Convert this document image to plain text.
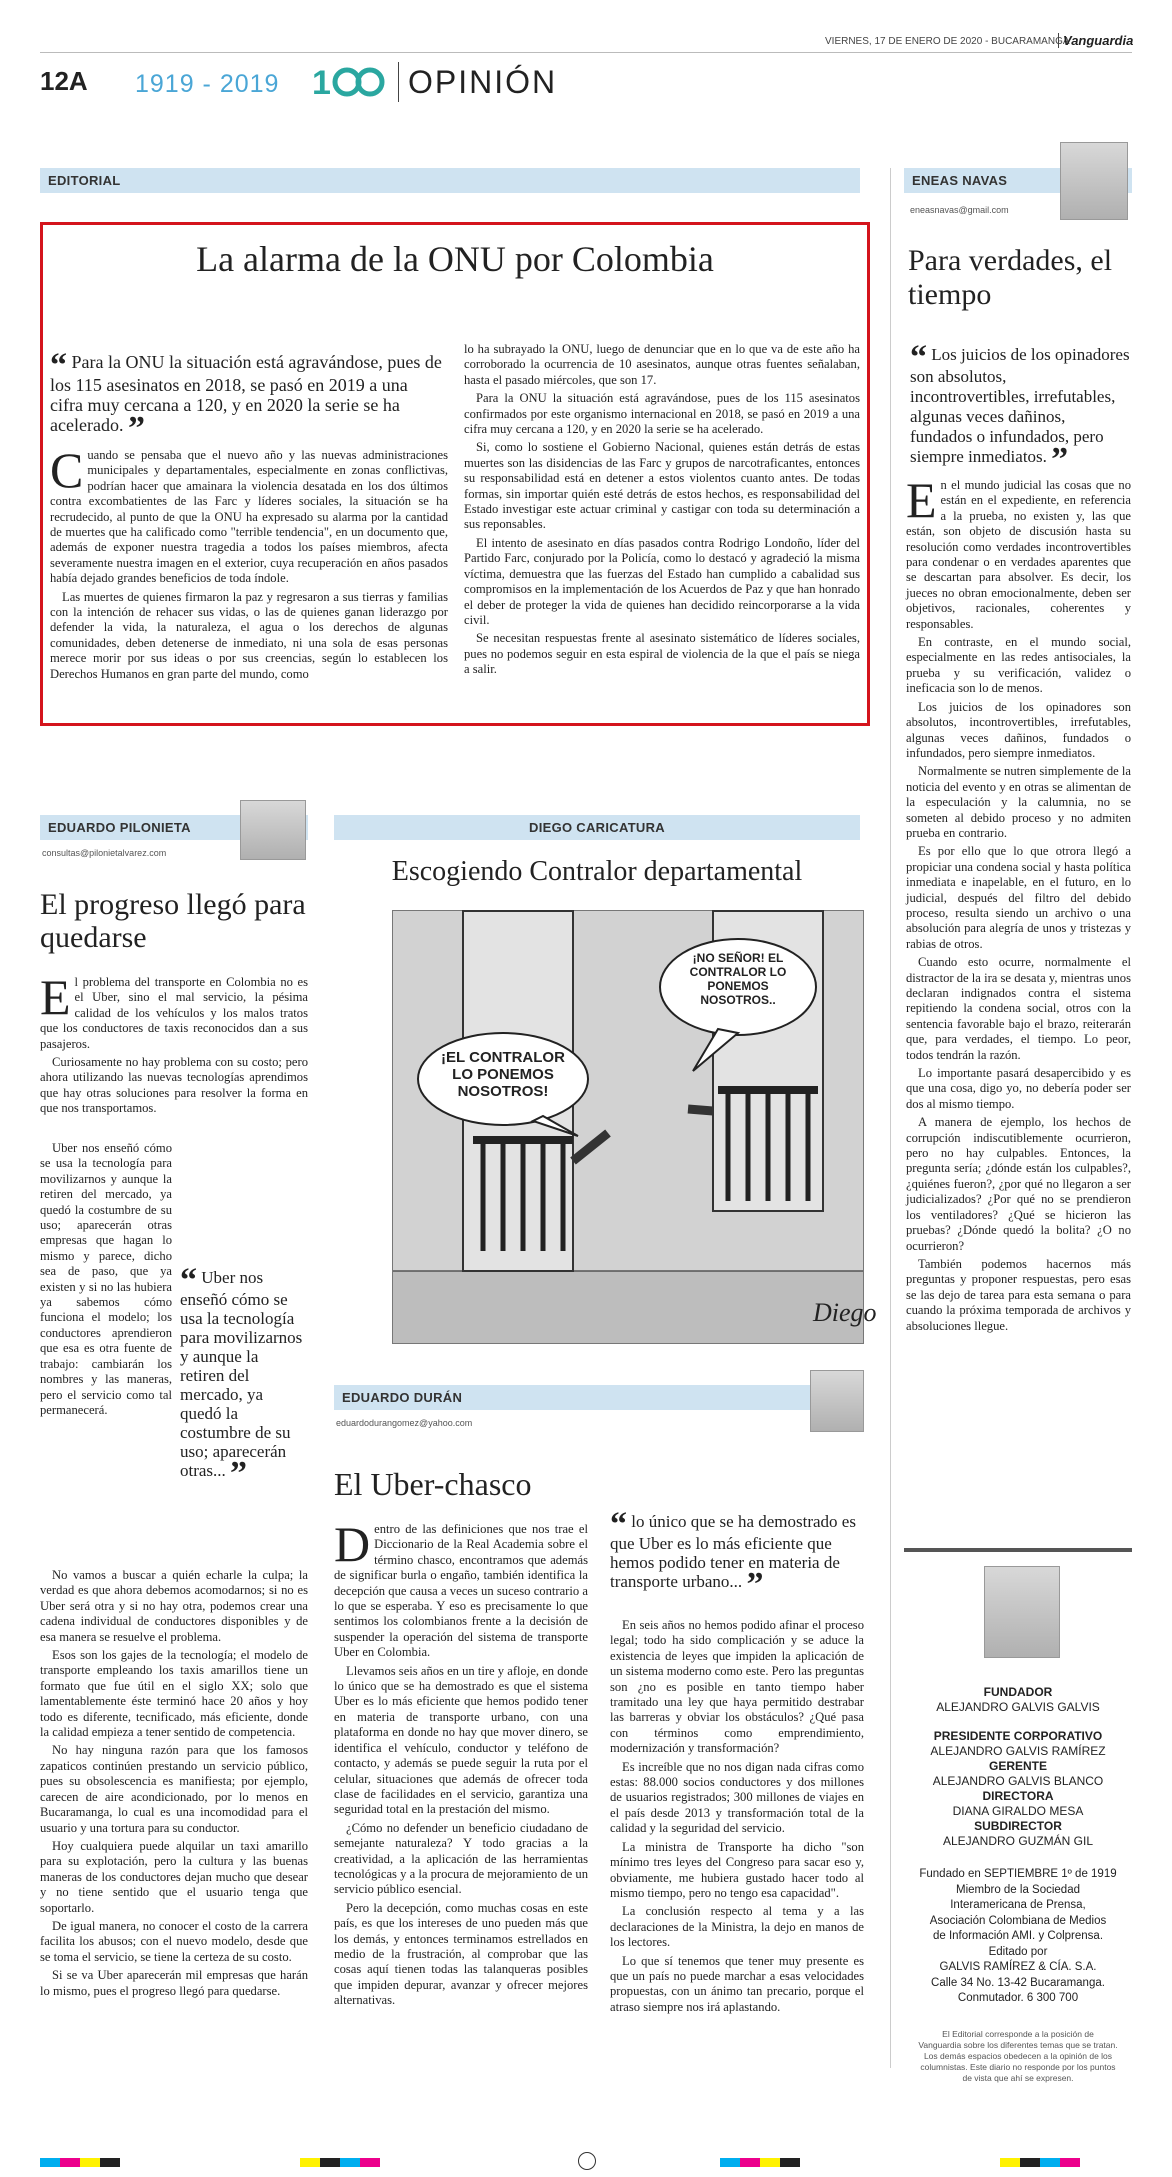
VIERNES, 17 DE ENERO DE 2020 - BUCARAMANGA
Vanguardia
12A 1919 - 2019 1 OPINIÓN
EDITORIAL
La alarma de la ONU por Colombia
“ Para la ONU la situación está agravándose, pues de los 115 asesinatos en 2018, se pasó en 2019 a una cifra muy cercana a 120, y en 2020 la serie se ha acelerado. ”

Cuando se pensaba que el nuevo año y las nuevas administraciones municipales y departamentales, especialmente en zonas conflictivas, podrían hacer que amainara la violencia desatada en los dos últimos contra excombatientes de las Farc y líderes sociales, la situación se ha recrudecido, al punto de que la ONU ha expresado su alarma por la cantidad de muertes que ha calificado como "terrible tendencia", en un documento que, además de exponer nuestra tragedia a todos los países miembros, afecta severamente nuestra imagen en el exterior, cuya recuperación en años pasados había dejado grandes beneficios de toda índole.

Las muertes de quienes firmaron la paz y regresaron a sus tierras y familias con la intención de rehacer sus vidas, o las de quienes ganan liderazgo por defender la vida, la naturaleza, el agua o los derechos de algunas comunidades, deben detenerse de inmediato, ni una sola de esas personas merece morir por sus ideas o por sus creencias, según lo establecen los Derechos Humanos en gran parte del mundo, como

lo ha subrayado la ONU, luego de denunciar que en lo que va de este año ha corroborado la ocurrencia de 10 asesinatos, aunque otras fuentes señalaban, hasta el pasado miércoles, que son 17.

Para la ONU la situación está agravándose, pues de los 115 asesinatos confirmados por este organismo internacional en 2018, se pasó en 2019 a una cifra muy cercana a 120, y en 2020 la serie se ha acelerado.

Si, como lo sostiene el Gobierno Nacional, quienes están detrás de estas muertes son las disidencias de las Farc y grupos de narcotraficantes, entonces su responsabilidad está en detener a estos violentos cuanto antes. De todas formas, sin importar quién esté detrás de estos hechos, es responsabilidad del Estado investigar este actuar criminal y castigar con toda su determinación a sus reponsables.

El intento de asesinato en días pasados contra Rodrigo Londoño, líder del Partido Farc, conjurado por la Policía, como lo destacó y agradeció la misma víctima, demuestra que las fuerzas del Estado han cumplido a cabalidad sus compromisos en la implementación de los Acuerdos de Paz y que han honrado el deber de proteger la vida de quienes han decidido reincorporarse a la vida civil.

Se necesitan respuestas frente al asesinato sistemático de líderes sociales, pues no podemos seguir en esta espiral de violencia de la que el país se niega a salir.

ENEAS NAVAS
eneasnavas@gmail.com
Para verdades, el tiempo
“ Los juicios de los opinadores son absolutos, incontrovertibles, irrefutables, algunas veces dañinos, fundados o infundados, pero siempre inmediatos. ”

En el mundo judicial las cosas que no están en el expediente, en referencia a la prueba, no existen y, las que están, son objeto de discusión hasta su resolución como verdades incontrovertibles para condenar o en verdades aparentes que se descartan para absolver. Es decir, los jueces no obran emocionalmente, deben ser objetivos, racionales, coherentes y responsables.

En contraste, en el mundo social, especialmente en las redes antisociales, la prueba y su verificación, validez o ineficacia son lo de menos.

Los juicios de los opinadores son absolutos, incontrovertibles, irrefutables, algunas veces dañinos, fundados o infundados, pero siempre inmediatos.

Normalmente se nutren simplemente de la noticia del evento y en otras se alimentan de la especulación y la calumnia, no se someten al debido proceso y no admiten prueba en contrario.

Es por ello que lo que otrora llegó a propiciar una condena social y hasta política inmediata e inapelable, en el futuro, en lo judicial, después del filtro del debido proceso, resulta siendo un archivo o una absolución para alegría de unos y tristezas y rabias de otros.

Cuando esto ocurre, normalmente el distractor de la ira se desata y, mientras unos declaran indignados contra el sistema repitiendo la condena social, otros con la sentencia favorable bajo el brazo, reiterarán que, para verdades, el tiempo. Lo peor, todos tendrán la razón.

Lo importante pasará desapercibido y es que una cosa, digo yo, no debería poder ser dos al mismo tiempo.

A manera de ejemplo, los hechos de corrupción indiscutiblemente ocurrieron, pero no hay culpables. Entonces, la pregunta sería; ¿dónde están los culpables?, ¿quiénes fueron?, ¿por qué no llegaron a ser judicializados? ¿Por qué no se prendieron los ventiladores? ¿Qué se hicieron las pruebas? ¿Dónde quedó la bolita? ¿O no ocurrieron?

También podemos hacernos más preguntas y proponer respuestas, pero esas se las dejo de tarea para esta semana o para cuando la próxima temporada de archivos y absoluciones llegue.

EDUARDO PILONIETA
consultas@pilonietalvarez.com
El progreso llegó para quedarse

El problema del transporte en Colombia no es el Uber, sino el mal servicio, la pésima calidad de los vehículos y los malos tratos que los conductores de taxis reconocidos dan a sus pasajeros.

Curiosamente no hay problema con su costo; pero ahora utilizando las nuevas tecnologías aprendimos que hay otras soluciones para resolver la forma en que nos transportamos.

Uber nos enseñó cómo se usa la tecnología para movilizarnos y aunque la retiren del mercado, ya quedó la costumbre de su uso; aparecerán otras empresas que hagan lo mismo y parece, dicho sea de paso, que ya existen y si no las hubiera ya sabemos cómo funciona el modelo; los conductores aprendieron que esa es otra fuente de trabajo: cambiarán los nombres y las maneras, pero el servicio como tal permanecerá.

“ Uber nos enseñó cómo se usa la tecnología para movilizarnos y aunque la retiren del mercado, ya quedó la costumbre de su uso; aparecerán otras... ”

No vamos a buscar a quién echarle la culpa; la verdad es que ahora debemos acomodarnos; si no es Uber será otra y si no hay otra, podemos crear una cadena individual de conductores disponibles y de esa manera se resuelve el problema.

Esos son los gajes de la tecnología; el modelo de transporte empleando los taxis amarillos tiene un formato que fue útil en el siglo XX; solo que lamentablemente éste terminó hace 20 años y hoy todo es diferente, tecnificado, más eficiente, donde la calidad empieza a tener sentido de competencia.

No hay ninguna razón para que los famosos zapaticos continúen prestando un servicio público, pues su obsolescencia es manifiesta; por ejemplo, carecen de aire acondicionado, por lo menos en Bucaramanga, lo cual es una incomodidad para el usuario y una tortura para su conductor.

Hoy cualquiera puede alquilar un taxi amarillo para su explotación, pero la cultura y las buenas maneras de los conductores dejan mucho que desear y no tiene sentido que el usuario tenga que soportarlo.

De igual manera, no conocer el costo de la carrera facilita los abusos; con el nuevo modelo, desde que se toma el servicio, se tiene la certeza de su costo.

Si se va Uber aparecerán mil empresas que harán lo mismo, pues el progreso llegó para quedarse.

DIEGO CARICATURA
Escogiendo Contralor departamental
Diego
¡EL CONTRALOR LO PONEMOS NOSOTROS!
¡NO SEÑOR! EL CONTRALOR LO PONEMOS NOSOTROS..
EDUARDO DURÁN
eduardodurangomez@yahoo.com
El Uber-chasco

Dentro de las definiciones que nos trae el Diccionario de la Real Academia sobre el término chasco, encontramos que además de significar burla o engaño, también identifica la decepción que causa a veces un suceso contrario a lo que se esperaba. Y eso es precisamente lo que sentimos los colombianos frente a la decisión de suspender la operación del sistema de transporte Uber en Colombia.

Llevamos seis años en un tire y afloje, en donde lo único que se ha demostrado es que el sistema Uber es lo más eficiente que hemos podido tener en materia de transporte urbano, con una plataforma en donde no hay que mover dinero, se identifica el vehículo, conductor y teléfono de contacto, y además se puede seguir la ruta por el celular, situaciones que además de ofrecer toda clase de facilidades en el servicio, garantiza una seguridad total en la prestación del mismo.

¿Cómo no defender un beneficio ciudadano de semejante naturaleza? Y todo gracias a la creatividad, a la aplicación de las herramientas tecnológicas y a la procura de mejoramiento de un servicio público esencial.

Pero la decepción, como muchas cosas en este país, es que los intereses de uno pueden más que los demás, y entonces terminamos estrellados en medio de la frustración, al comprobar que las cosas aquí tienen todas las talanqueras posibles que impiden depurar, avanzar y ofrecer mejores alternativas.

“ lo único que se ha demostrado es que Uber es lo más eficiente que hemos podido tener en materia de transporte urbano... ”

En seis años no hemos podido afinar el proceso legal; todo ha sido complicación y se aduce la existencia de leyes que impiden la aplicación de un sistema moderno como este. Pero las preguntas son ¿no es posible en tanto tiempo haber tramitado una ley que haya permitido destrabar las barreras y obviar los obstáculos? ¿Qué pasa con términos como emprendimiento, modernización y transformación?

Es increíble que no nos digan nada cifras como estas: 88.000 socios conductores y dos millones de usuarios registrados; 300 millones de viajes en el país desde 2013 y transformación total de la calidad y la seguridad del servicio.

La ministra de Transporte ha dicho "son mínimo tres leyes del Congreso para sacar eso y, obviamente, me hubiera gustado hacer todo al mismo tiempo, pero no tengo esa capacidad".

La conclusión respecto al tema y a las declaraciones de la Ministra, la dejo en manos de los lectores.

Lo que sí tenemos que tener muy presente es que un país no puede marchar a esas velocidades propuestas, con un ánimo tan precario, porque el atraso siempre nos irá aplastando.

FUNDADOR
ALEJANDRO GALVIS GALVIS
PRESIDENTE CORPORATIVO
ALEJANDRO GALVIS RAMÍREZ
GERENTE
ALEJANDRO GALVIS BLANCO
DIRECTORA
DIANA GIRALDO MESA
SUBDIRECTOR
ALEJANDRO GUZMÁN GIL
Fundado en SEPTIEMBRE 1º de 1919
Miembro de la Sociedad
Interamericana de Prensa,
Asociación Colombiana de Medios
de Información AMI. y Colprensa.
Editado por
GALVIS RAMÍREZ & CÍA. S.A.
Calle 34 No. 13-42 Bucaramanga.
Conmutador. 6 300 700
El Editorial corresponde a la posición de
Vanguardia sobre los diferentes temas que se tratan.
Los demás espacios obedecen a la opinión de los
columnistas. Este diario no responde por los puntos
de vista que ahí se expresen.
